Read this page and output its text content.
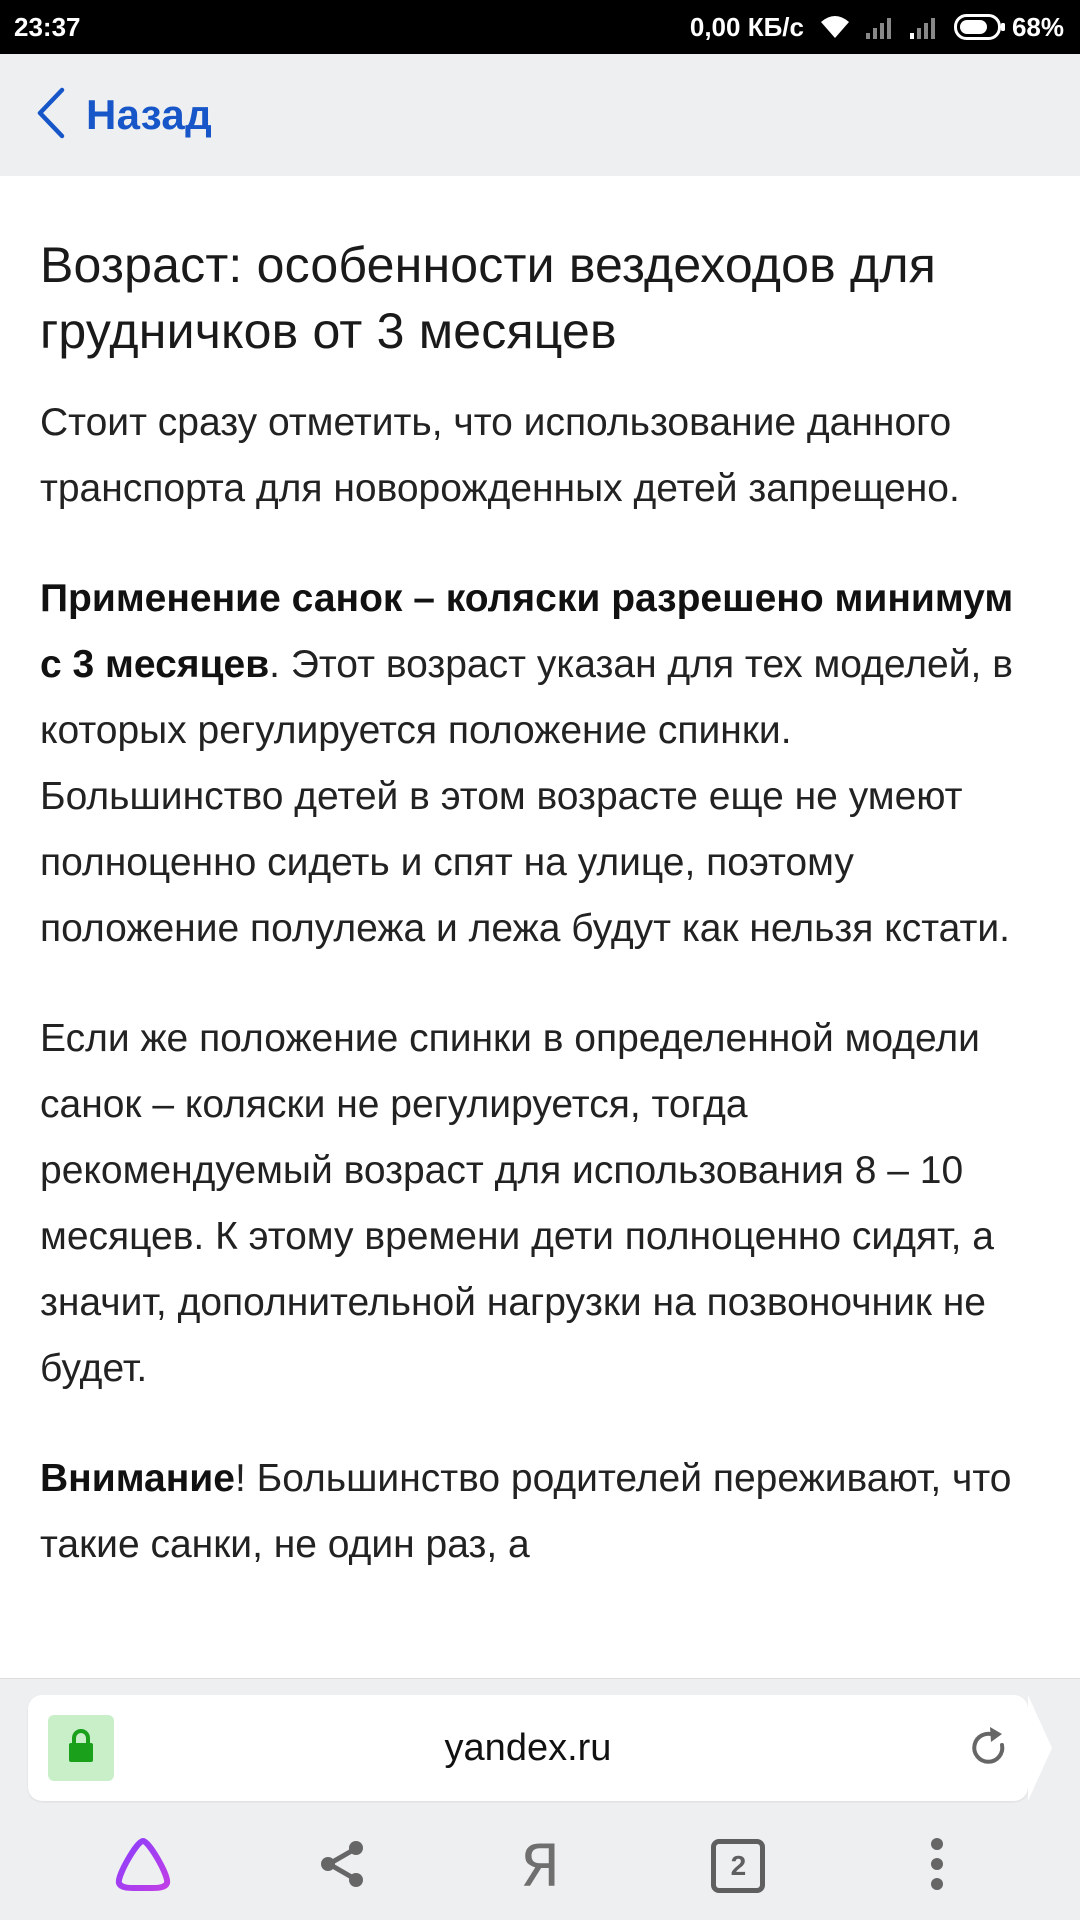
23:37	0,00 КБ/с	68%
Назад
Возраст: особенности вездеходов для грудничков от 3 месяцев

Стоит сразу отметить, что использование данного транспорта для новорожденных детей запрещено.

Применение санок – коляски разрешено минимум с 3 месяцев. Этот возраст указан для тех моделей, в которых регулируется положение спинки. Большинство детей в этом возрасте еще не умеют полноценно сидеть и спят на улице, поэтому положение полулежа и лежа будут как нельзя кстати.

Если же положение спинки в определенной модели санок – коляски не регулируется, тогда рекомендуемый возраст для использования 8 – 10 месяцев. К этому времени дети полноценно сидят, а значит, дополнительной нагрузки на позвоночник не будет.

Внимание! Большинство родителей переживают, что такие санки, не один раз, а

yandex.ru
Я	2
